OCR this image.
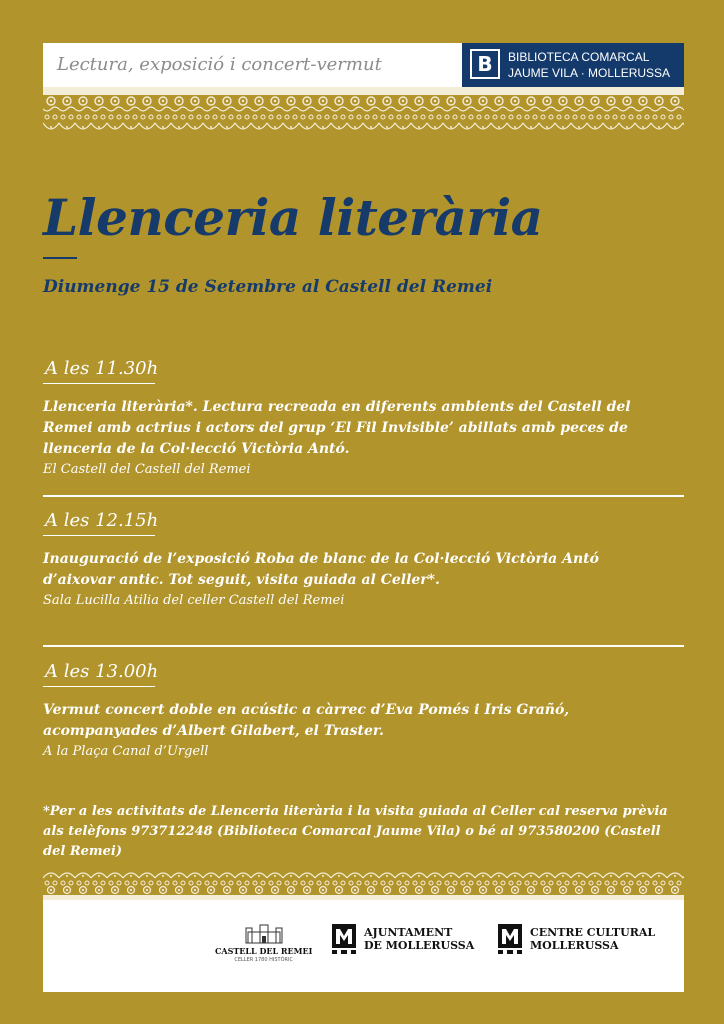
Lectura, exposició i concert-vermut	B	BIBLIOTECA COMARCAL
JAUME VILA · MOLLERUSSA
Llenceria literària
Diumenge 15 de Setembre al Castell del Remei
A les 11.30h
Llenceria literària*. Lectura recreada en diferents ambients del Castell del Remei amb actrius i actors del grup ‘El Fil Invisible’ abillats amb peces de llenceria de la Col·lecció Victòria Antó.
El Castell del Castell del Remei
A les 12.15h
Inauguració de l’exposició Roba de blanc de la Col·lecció Victòria Antó d’aixovar antic. Tot seguit, visita guiada al Celler*.
Sala Lucilla Atilia del celler Castell del Remei
A les 13.00h
Vermut concert doble en acústic a càrrec d’Eva Pomés i Iris Grañó, acompanyades d’Albert Gilabert, el Traster.
A la Plaça Canal d’Urgell
*Per a les activitats de Llenceria literària i la visita guiada al Celler cal reserva prèvia als telèfons 973712248 (Biblioteca Comarcal Jaume Vila) o bé al 973580200 (Castell del Remei)
CASTELL DEL REMEI
CELLER 1780 HISTÒRIC
AJUNTAMENT
DE MOLLERUSSA
CENTRE CULTURAL
MOLLERUSSA
